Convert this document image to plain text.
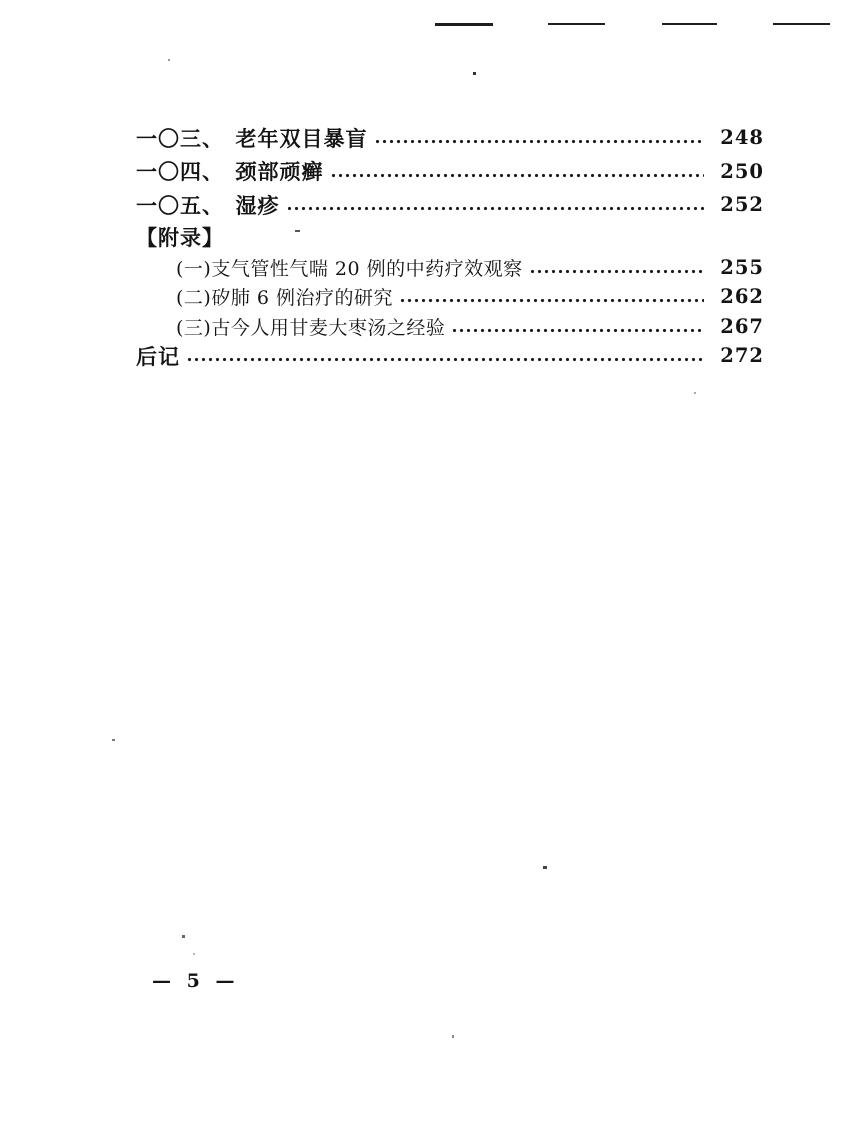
一〇三、　老年双目暴盲	248
一〇四、　颈部顽癣	250
一〇五、　湿疹	252
【附录】
(一)支气管性气喘 20 例的中药疗效观察	255
(二)矽肺 6 例治疗的研究	262
(三)古今人用甘麦大枣汤之经验	267
后记	272
— 5 —
